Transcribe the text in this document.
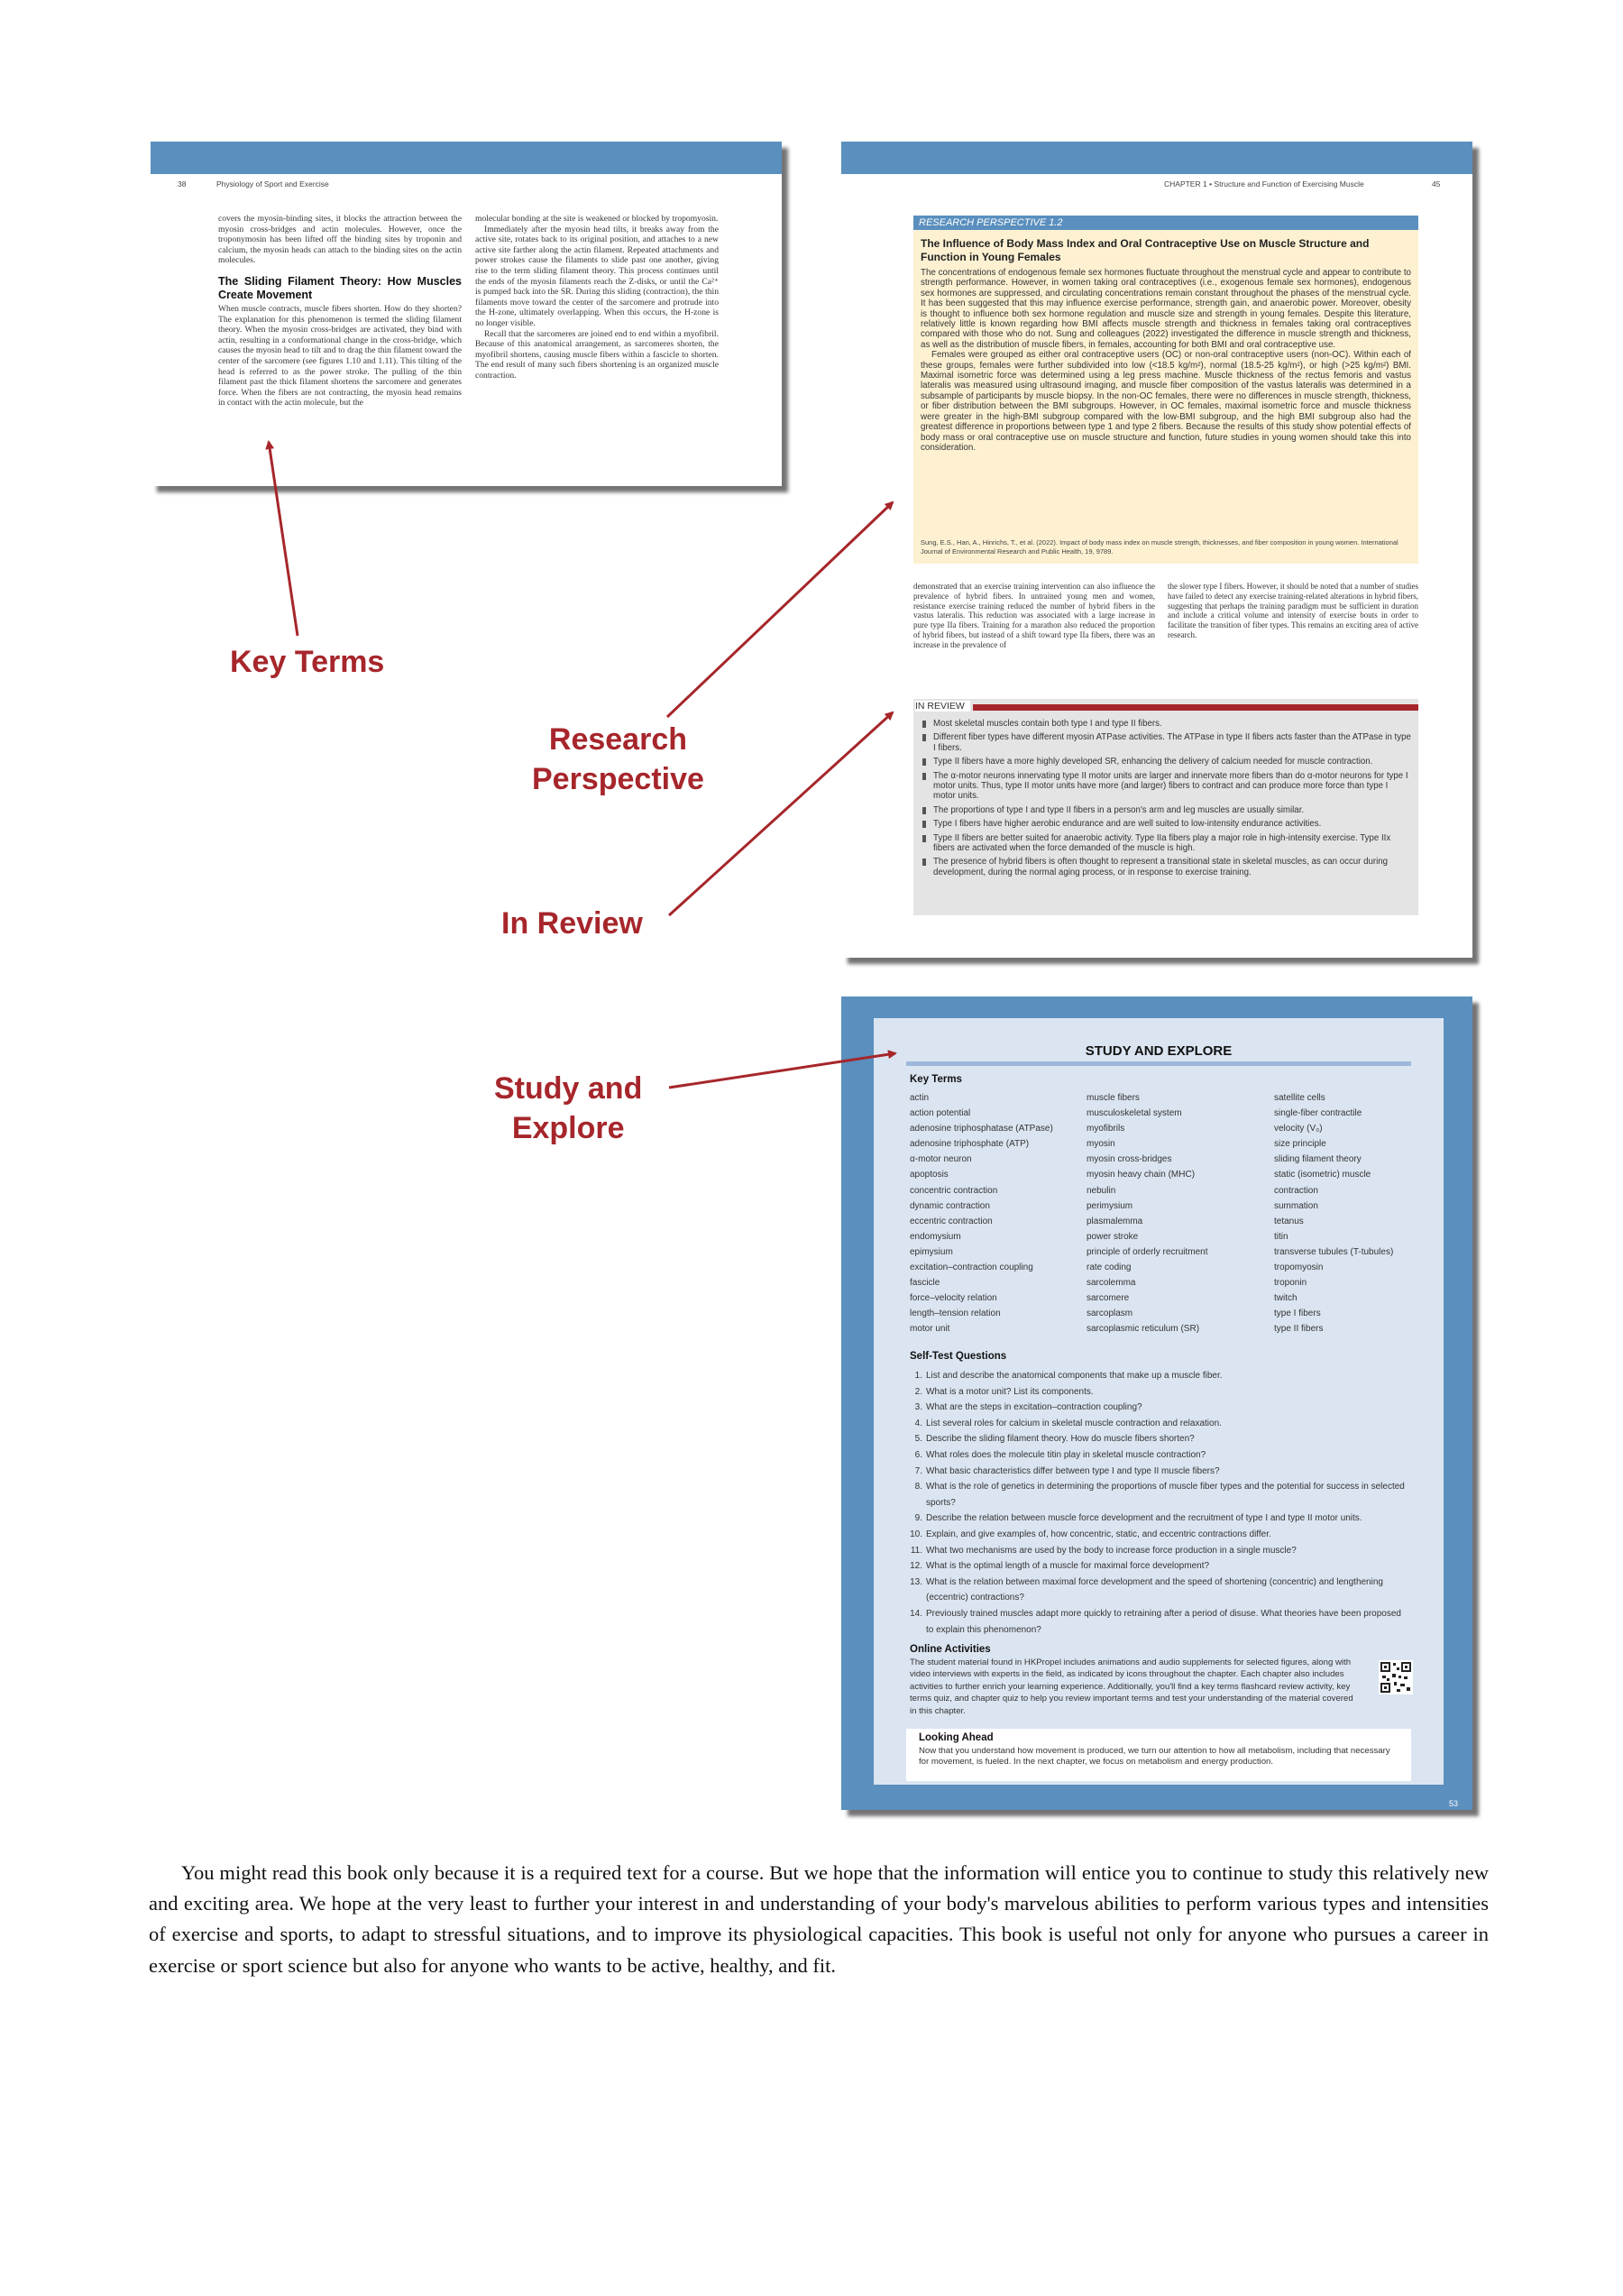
38	Physiology of Sport and Exercise

covers the myosin-binding sites, it blocks the attraction between the myosin cross-bridges and actin molecules. However, once the troponymosin has been lifted off the binding sites by troponin and calcium, the myosin heads can attach to the binding sites on the actin molecules.

The Sliding Filament Theory: How Muscles Create Movement

When muscle contracts, muscle fibers shorten. How do they shorten? The explanation for this phenomenon is termed the sliding filament theory. When the myosin cross-bridges are activated, they bind with actin, resulting in a conformational change in the cross-bridge, which causes the myosin head to tilt and to drag the thin filament toward the center of the sarcomere (see figures 1.10 and 1.11). This tilting of the head is referred to as the power stroke. The pulling of the thin filament past the thick filament shortens the sarcomere and generates force. When the fibers are not contracting, the myosin head remains in contact with the actin molecule, but the

molecular bonding at the site is weakened or blocked by tropomyosin.

Immediately after the myosin head tilts, it breaks away from the active site, rotates back to its original position, and attaches to a new active site farther along the actin filament. Repeated attachments and power strokes cause the filaments to slide past one another, giving rise to the term sliding filament theory. This process continues until the ends of the myosin filaments reach the Z-disks, or until the Ca²⁺ is pumped back into the SR. During this sliding (contraction), the thin filaments move toward the center of the sarcomere and protrude into the H-zone, ultimately overlapping. When this occurs, the H-zone is no longer visible.

Recall that the sarcomeres are joined end to end within a myofibril. Because of this anatomical arrangement, as sarcomeres shorten, the myofibril shortens, causing muscle fibers within a fascicle to shorten. The end result of many such fibers shortening is an organized muscle contraction.

CHAPTER 1 • Structure and Function of Exercising Muscle	45
RESEARCH PERSPECTIVE 1.2
The Influence of Body Mass Index and Oral Contraceptive Use on Muscle Structure and Function in Young Females

The concentrations of endogenous female sex hormones fluctuate throughout the menstrual cycle and appear to contribute to strength performance. However, in women taking oral contraceptives (i.e., exogenous female sex hormones), endogenous sex hormones are suppressed, and circulating concentrations remain constant throughout the phases of the menstrual cycle. It has been suggested that this may influence exercise performance, strength gain, and anaerobic power. Moreover, obesity is thought to influence both sex hormone regulation and muscle size and strength in young females. Despite this literature, relatively little is known regarding how BMI affects muscle strength and thickness in females taking oral contraceptives compared with those who do not. Sung and colleagues (2022) investigated the difference in muscle strength and thickness, as well as the distribution of muscle fibers, in females, accounting for both BMI and oral contraceptive use.

Females were grouped as either oral contraceptive users (OC) or non-oral contraceptive users (non-OC). Within each of these groups, females were further subdivided into low (<18.5 kg/m²), normal (18.5-25 kg/m²), or high (>25 kg/m²) BMI. Maximal isometric force was determined using a leg press machine. Muscle thickness of the rectus femoris and vastus lateralis was measured using ultrasound imaging, and muscle fiber composition of the vastus lateralis was determined in a subsample of participants by muscle biopsy. In the non-OC females, there were no differences in muscle strength, thickness, or fiber distribution between the BMI subgroups. However, in OC females, maximal isometric force and muscle thickness were greater in the high-BMI subgroup compared with the low-BMI subgroup, and the high BMI subgroup also had the greatest difference in proportions between type 1 and type 2 fibers. Because the results of this study show potential effects of body mass or oral contraceptive use on muscle structure and function, future studies in young women should take this into consideration.

Sung, E.S., Han, A., Hinrichs, T., et al. (2022). Impact of body mass index on muscle strength, thicknesses, and fiber composition in young women. International Journal of Environmental Research and Public Health, 19, 9789.
demonstrated that an exercise training intervention can also influence the prevalence of hybrid fibers. In untrained young men and women, resistance exercise training reduced the number of hybrid fibers in the vastus lateralis. This reduction was associated with a large increase in pure type IIa fibers. Training for a marathon also reduced the proportion of hybrid fibers, but instead of a shift toward type IIa fibers, there was an increase in the prevalence of
the slower type I fibers. However, it should be noted that a number of studies have failed to detect any exercise training-related alterations in hybrid fibers, suggesting that perhaps the training paradigm must be sufficient in duration and include a critical volume and intensity of exercise bouts in order to facilitate the transition of fiber types. This remains an exciting area of active research.
IN REVIEW
Most skeletal muscles contain both type I and type II fibers.
Different fiber types have different myosin ATPase activities. The ATPase in type II fibers acts faster than the ATPase in type I fibers.
Type II fibers have a more highly developed SR, enhancing the delivery of calcium needed for muscle contraction.
The α-motor neurons innervating type II motor units are larger and innervate more fibers than do α-motor neurons for type I motor units. Thus, type II motor units have more (and larger) fibers to contract and can produce more force than type I motor units.
The proportions of type I and type II fibers in a person's arm and leg muscles are usually similar.
Type I fibers have higher aerobic endurance and are well suited to low-intensity endurance activities.
Type II fibers are better suited for anaerobic activity. Type IIa fibers play a major role in high-intensity exercise. Type IIx fibers are activated when the force demanded of the muscle is high.
The presence of hybrid fibers is often thought to represent a transitional state in skeletal muscles, as can occur during development, during the normal aging process, or in response to exercise training.
STUDY AND EXPLORE
Key Terms
actin
action potential
adenosine triphosphatase (ATPase)
adenosine triphosphate (ATP)
α-motor neuron
apoptosis
concentric contraction
dynamic contraction
eccentric contraction
endomysium
epimysium
excitation–contraction coupling
fascicle
force–velocity relation
length–tension relation
motor unit
muscle fibers
musculoskeletal system
myofibrils
myosin
myosin cross-bridges
myosin heavy chain (MHC)
nebulin
perimysium
plasmalemma
power stroke
principle of orderly recruitment
rate coding
sarcolemma
sarcomere
sarcoplasm
sarcoplasmic reticulum (SR)
satellite cells
single-fiber contractile
velocity (V₀)
size principle
sliding filament theory
static (isometric) muscle
contraction
summation
tetanus
titin
transverse tubules (T-tubules)
tropomyosin
troponin
twitch
type I fibers
type II fibers
Self-Test Questions
1. List and describe the anatomical components that make up a muscle fiber.
2. What is a motor unit? List its components.
3. What are the steps in excitation–contraction coupling?
4. List several roles for calcium in skeletal muscle contraction and relaxation.
5. Describe the sliding filament theory. How do muscle fibers shorten?
6. What roles does the molecule titin play in skeletal muscle contraction?
7. What basic characteristics differ between type I and type II muscle fibers?
8. What is the role of genetics in determining the proportions of muscle fiber types and the potential for success in selected sports?
9. Describe the relation between muscle force development and the recruitment of type I and type II motor units.
10. Explain, and give examples of, how concentric, static, and eccentric contractions differ.
11. What two mechanisms are used by the body to increase force production in a single muscle?
12. What is the optimal length of a muscle for maximal force development?
13. What is the relation between maximal force development and the speed of shortening (concentric) and lengthening (eccentric) contractions?
14. Previously trained muscles adapt more quickly to retraining after a period of disuse. What theories have been proposed to explain this phenomenon?
Online Activities
The student material found in HKPropel includes animations and audio supplements for selected figures, along with video interviews with experts in the field, as indicated by icons throughout the chapter. Each chapter also includes activities to further enrich your learning experience. Additionally, you'll find a key terms flashcard review activity, key terms quiz, and chapter quiz to help you review important terms and test your understanding of the material covered in this chapter.
Looking Ahead
Now that you understand how movement is produced, we turn our attention to how all metabolism, including that necessary for movement, is fueled. In the next chapter, we focus on metabolism and energy production.
53
Key Terms
Research
Perspective
In Review
Study and
Explore
You might read this book only because it is a required text for a course. But we hope that the information will entice you to continue to study this relatively new and exciting area. We hope at the very least to further your interest in and understanding of your body's marvelous abilities to perform various types and intensities of exercise and sports, to adapt to stressful situations, and to improve its physiological capacities. This book is useful not only for anyone who pursues a career in exercise or sport science but also for anyone who wants to be active, healthy, and fit.
